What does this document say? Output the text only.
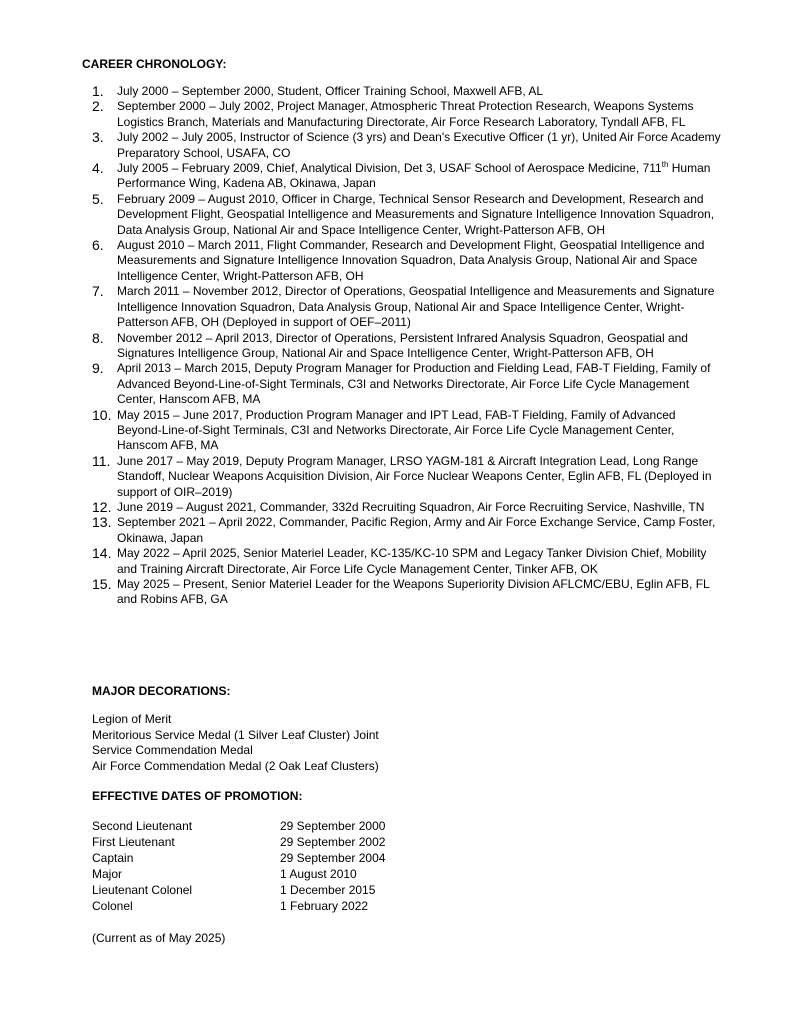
CAREER CHRONOLOGY:
1. July 2000 – September 2000, Student, Officer Training School, Maxwell AFB, AL
2. September 2000 – July 2002, Project Manager, Atmospheric Threat Protection Research, Weapons Systems Logistics Branch, Materials and Manufacturing Directorate, Air Force Research Laboratory, Tyndall AFB, FL
3. July 2002 – July 2005, Instructor of Science (3 yrs) and Dean's Executive Officer (1 yr), United Air Force Academy Preparatory School, USAFA, CO
4. July 2005 – February 2009, Chief, Analytical Division, Det 3, USAF School of Aerospace Medicine, 711th Human Performance Wing, Kadena AB, Okinawa, Japan
5. February 2009 – August 2010, Officer in Charge, Technical Sensor Research and Development, Research and Development Flight, Geospatial Intelligence and Measurements and Signature Intelligence Innovation Squadron, Data Analysis Group, National Air and Space Intelligence Center, Wright-Patterson AFB, OH
6. August 2010 – March 2011, Flight Commander, Research and Development Flight, Geospatial Intelligence and Measurements and Signature Intelligence Innovation Squadron, Data Analysis Group, National Air and Space Intelligence Center, Wright-Patterson AFB, OH
7. March 2011 – November 2012, Director of Operations, Geospatial Intelligence and Measurements and Signature Intelligence Innovation Squadron, Data Analysis Group, National Air and Space Intelligence Center, Wright-Patterson AFB, OH (Deployed in support of OEF–2011)
8. November 2012 – April 2013, Director of Operations, Persistent Infrared Analysis Squadron, Geospatial and Signatures Intelligence Group, National Air and Space Intelligence Center, Wright-Patterson AFB, OH
9. April 2013 – March 2015, Deputy Program Manager for Production and Fielding Lead, FAB-T Fielding, Family of Advanced Beyond-Line-of-Sight Terminals, C3I and Networks Directorate, Air Force Life Cycle Management Center, Hanscom AFB, MA
10. May 2015 – June 2017, Production Program Manager and IPT Lead, FAB-T Fielding, Family of Advanced Beyond-Line-of-Sight Terminals, C3I and Networks Directorate, Air Force Life Cycle Management Center, Hanscom AFB, MA
11. June 2017 – May 2019, Deputy Program Manager, LRSO YAGM-181 & Aircraft Integration Lead, Long Range Standoff, Nuclear Weapons Acquisition Division, Air Force Nuclear Weapons Center, Eglin AFB, FL (Deployed in support of OIR–2019)
12. June 2019 – August 2021, Commander, 332d Recruiting Squadron, Air Force Recruiting Service, Nashville, TN
13. September 2021 – April 2022, Commander, Pacific Region, Army and Air Force Exchange Service, Camp Foster, Okinawa, Japan
14. May 2022 – April 2025, Senior Materiel Leader, KC-135/KC-10 SPM and Legacy Tanker Division Chief, Mobility and Training Aircraft Directorate, Air Force Life Cycle Management Center, Tinker AFB, OK
15. May 2025 – Present, Senior Materiel Leader for the Weapons Superiority Division AFLCMC/EBU, Eglin AFB, FL and Robins AFB, GA
MAJOR DECORATIONS:
Legion of Merit
Meritorious Service Medal (1 Silver Leaf Cluster) Joint
Service Commendation Medal
Air Force Commendation Medal (2 Oak Leaf Clusters)
EFFECTIVE DATES OF PROMOTION:
Second Lieutenant	29 September 2000
First Lieutenant	29 September 2002
Captain	29 September 2004
Major	1 August 2010
Lieutenant Colonel	1 December 2015
Colonel	1 February 2022

(Current as of May 2025)
